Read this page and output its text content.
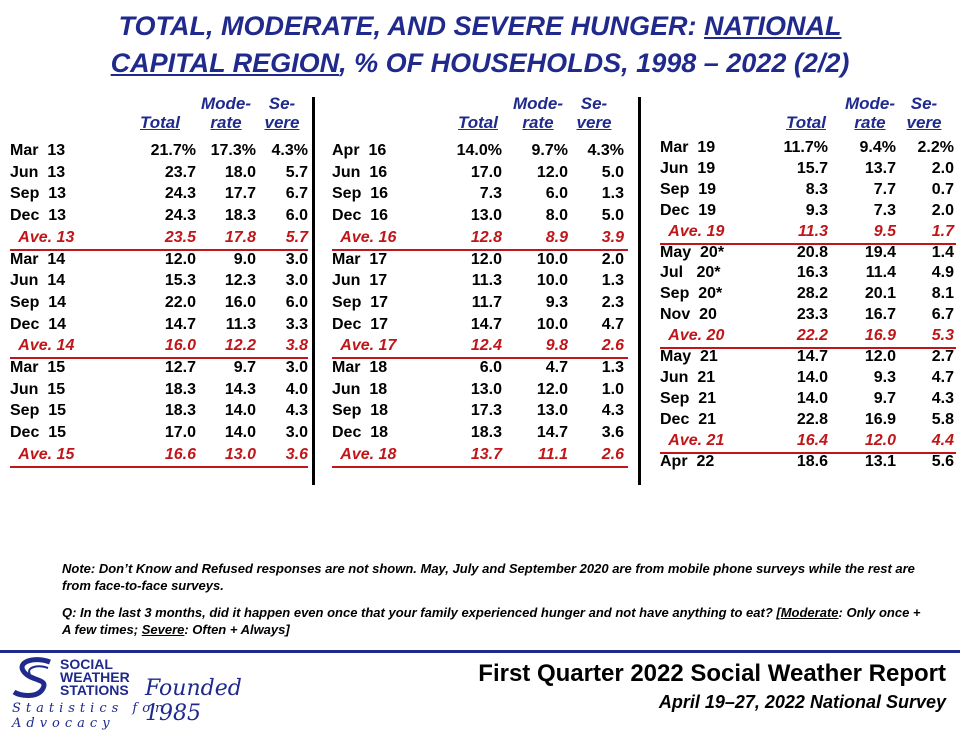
TOTAL, MODERATE, AND SEVERE HUNGER: NATIONAL
CAPITAL REGION, % OF HOUSEHOLDS, 1998 – 2022 (2/2)

Total
Mode-
rate
Se-
vere
Mar  13	21.7% 17.3% 4.3%
Jun  13	23.7 18.0 5.7
Sep  13	24.3 17.7 6.7
Dec  13	24.3 18.3 6.0
Ave. 13	23.5 17.8 5.7
Mar  14	12.0 9.0 3.0
Jun  14	15.3 12.3 3.0
Sep  14	22.0 16.0 6.0
Dec  14	14.7 11.3 3.3
Ave. 14	16.0 12.2 3.8
Mar  15	12.7 9.7 3.0
Jun  15	18.3 14.3 4.0
Sep  15	18.3 14.0 4.3
Dec  15	17.0 14.0 3.0
Ave. 15	16.6 13.0 3.6

Total
Mode-
rate
Se-
vere
Apr  16	14.0% 9.7% 4.3%
Jun  16	17.0 12.0 5.0
Sep  16	7.3	6.0 1.3
Dec  16	13.0	8.0 5.0
Ave. 16	12.8	8.9 3.9
Mar  17	12.0 10.0 2.0
Jun  17	11.3 10.0 1.3
Sep  17	11.7	9.3 2.3
Dec  17	14.7 10.0 4.7
Ave. 17	12.4	9.8 2.6
Mar  18	6.0	4.7 1.3
Jun  18	13.0 12.0 1.0
Sep  18	17.3 13.0 4.3
Dec  18	18.3 14.7 3.6
Ave. 18	13.7 11.1 2.6

Total
Mode-
rate
Se-
vere
Mar  19	11.7% 9.4% 2.2%
Jun  19	15.7 13.7 2.0
Sep  19	8.3	7.7 0.7
Dec  19	9.3	7.3 2.0
Ave. 19	11.3	9.5 1.7
May  20*	20.8 19.4 1.4
Jul   20*	16.3 11.4 4.9
Sep  20*	28.2 20.1 8.1
Nov  20	23.3 16.7 6.7
Ave. 20	22.2 16.9 5.3
May  21	14.7 12.0 2.7
Jun  21	14.0	9.3 4.7
Sep  21	14.0	9.7 4.3
Dec  21	22.8 16.9 5.8
Ave. 21	16.4 12.0 4.4
Apr  22	18.6 13.1 5.6
Note: Don’t Know and Refused responses are not shown. May, July and September 2020 are from mobile phone surveys while the rest are from face-to-face surveys.
Q: In the last 3 months, did it happen even once that your family experienced hunger and not have anything to eat? [Moderate: Only once + A few times; Severe: Often + Always]
SOCIAL
WEATHER
STATIONS Founded 1985
Statistics for Advocacy
First Quarter 2022 Social Weather Report
April 19–27, 2022 National Survey
